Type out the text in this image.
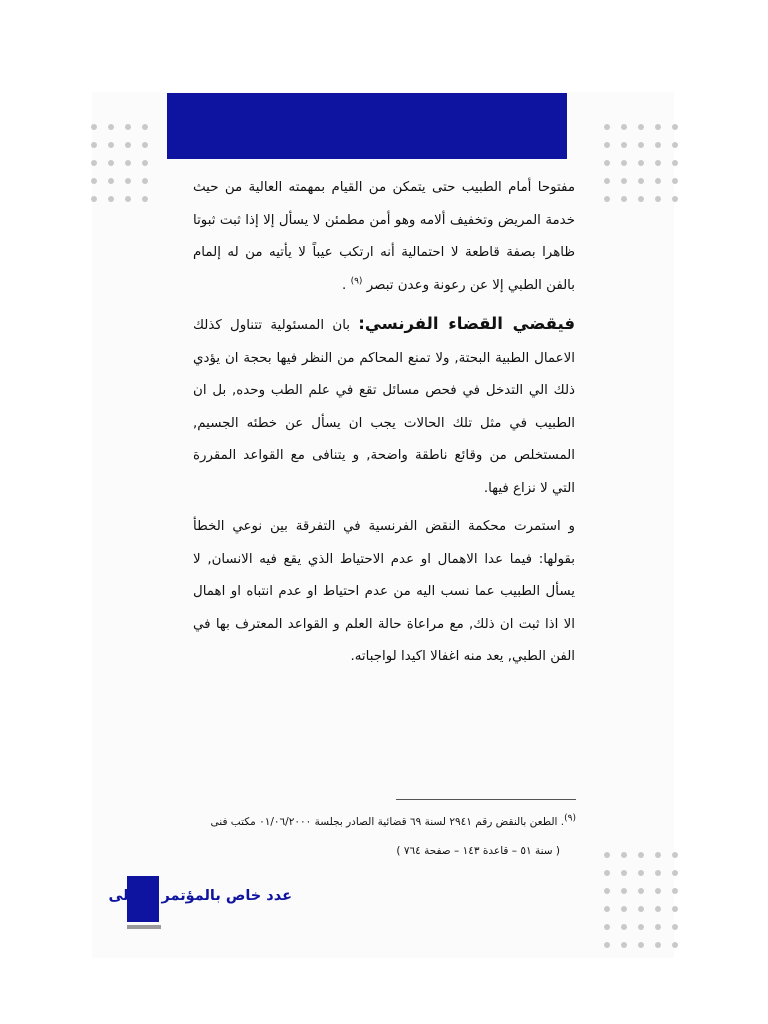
مفتوحا أمام الطبيب حتى يتمكن من القيام بمهمته العالية من حيث خدمة المريض وتخفيف ألامه وهو أمن مطمئن لا يسأل إلا إذا ثبت ثبوتا ظاهرا بصفة قاطعة لا احتمالية أنه ارتكب عيباً لا يأتيه من له إلمام بالفن الطبي إلا عن رعونة وعدن تبصر $^{(٩)}$ .

فيقضي القضاء الفرنسي: بان المسئولية تتناول كذلك الاعمال الطبية البحتة, ولا تمنع المحاكم من النظر فيها بحجة ان يؤدي ذلك الي التدخل في فحص مسائل تقع في علم الطب وحده, بل ان الطبيب في مثل تلك الحالات يجب ان يسأل عن خطئه الجسيم, المستخلص من وقائع ناطقة واضحة, و يتنافى مع القواعد المقررة التي لا نزاع فيها.

و استمرت محكمة النقض الفرنسية في التفرقة بين نوعي الخطأ بقولها: فيما عدا الاهمال او عدم الاحتياط الذي يقع فيه الانسان, لا يسأل الطبيب عما نسب اليه من عدم احتياط او عدم انتباه او اهمال الا اذا ثبت ان ذلك, مع مراعاة حالة العلم و القواعد المعترف بها في الفن الطبي, يعد منه اغفالا اكيدا لواجباته.

(٩). الطعن بالنقض رقم ٢٩٤١ لسنة ٦٩ قضائية الصادر بجلسة ٠١/٠٦/٢٠٠٠ مكتب فنى
( سنة ٥١ – قاعدة ١٤٣ – صفحة ٧٦٤ )
عدد خاص بالمؤتمر الدولى
